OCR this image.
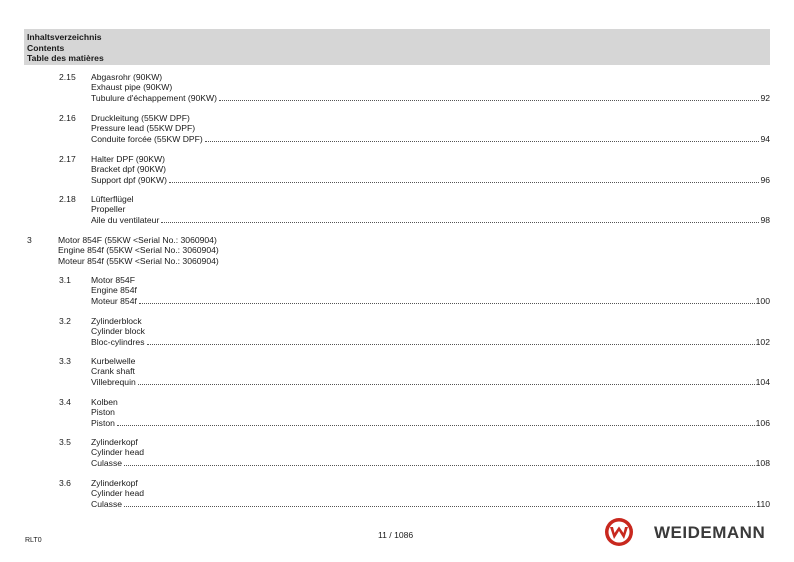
Inhaltsverzeichnis
Contents
Table des matières
2.15 Abgasrohr (90KW)
Exhaust pipe (90KW)
Tubulure d'échappement (90KW)	92
2.16 Druckleitung (55KW DPF)
Pressure lead (55KW DPF)
Conduite forcée (55KW DPF)	94
2.17 Halter DPF (90KW)
Bracket dpf (90KW)
Support dpf (90KW)	96
2.18 Lüfterflügel
Propeller
Aile du ventilateur	98
3	Motor 854F (55KW <Serial No.: 3060904)
Engine 854f (55KW <Serial No.: 3060904)
Moteur 854f (55KW <Serial No.: 3060904)
3.1 Motor 854F
Engine 854f
Moteur 854f	100
3.2 Zylinderblock
Cylinder block
Bloc-cylindres	102
3.3 Kurbelwelle
Crank shaft
Villebrequin	104
3.4 Kolben
Piston
Piston	106
3.5 Zylinderkopf
Cylinder head
Culasse	108
3.6 Zylinderkopf
Cylinder head
Culasse	110
RLT0
11 / 1086	WEIDEMANN
